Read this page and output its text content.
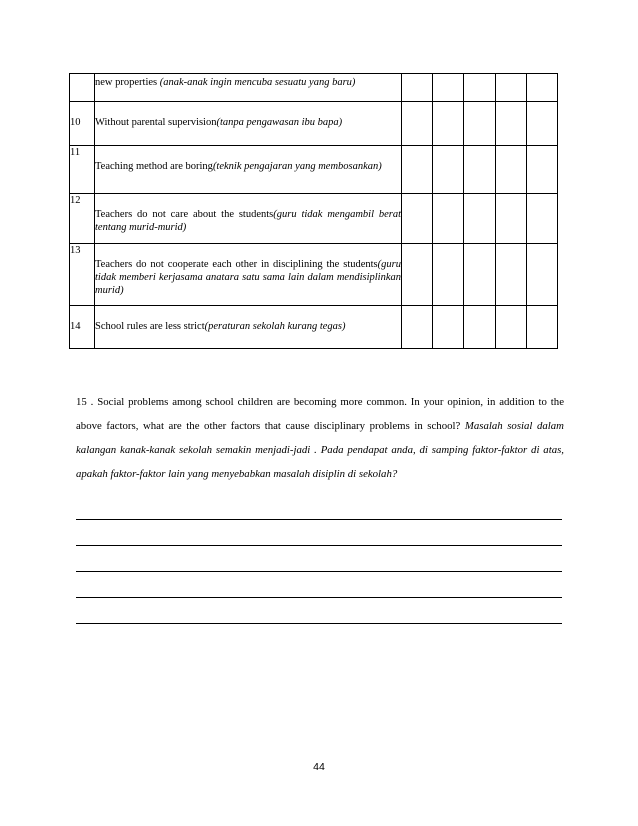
	new properties (anak-anak ingin mencuba sesuatu yang baru)					
10	Without parental supervision(tanpa pengawasan ibu bapa)					
11	Teaching method are boring(teknik pengajaran yang membosankan)					
12	Teachers do not care about the students(guru tidak mengambil berat tentang murid-murid)					
13	Teachers do not cooperate each other in disciplining the students(guru tidak memberi kerjasama anatara satu sama lain dalam mendisiplinkan murid)					
14	School rules are less strict(peraturan sekolah kurang tegas)					
15 . Social problems among school children are becoming more common. In your opinion, in addition to the above factors, what are the other factors that cause disciplinary problems in school? Masalah sosial dalam kalangan kanak-kanak sekolah semakin menjadi-jadi . Pada pendapat anda, di samping faktor-faktor di atas, apakah faktor-faktor lain yang menyebabkan masalah disiplin di sekolah?
44
